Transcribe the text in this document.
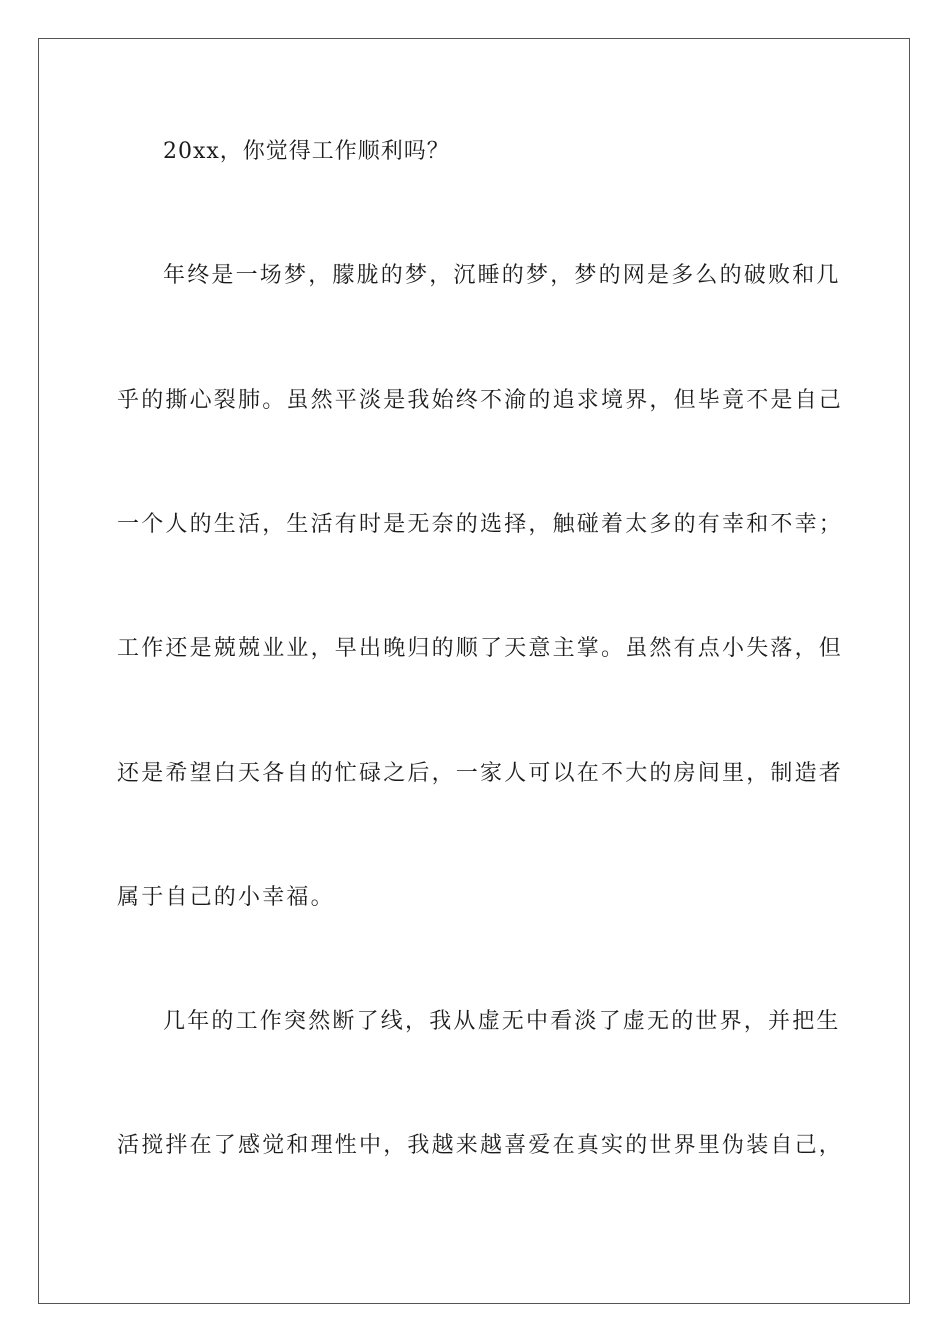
20xx，你觉得工作顺利吗？
年终是一场梦，朦胧的梦，沉睡的梦，梦的网是多么的破败和几
乎的撕心裂肺。虽然平淡是我始终不渝的追求境界，但毕竟不是自己
一个人的生活，生活有时是无奈的选择，触碰着太多的有幸和不幸；
工作还是兢兢业业，早出晚归的顺了天意主掌。虽然有点小失落，但
还是希望白天各自的忙碌之后，一家人可以在不大的房间里，制造者
属于自己的小幸福。
几年的工作突然断了线，我从虚无中看淡了虚无的世界，并把生
活搅拌在了感觉和理性中，我越来越喜爱在真实的世界里伪装自己，
